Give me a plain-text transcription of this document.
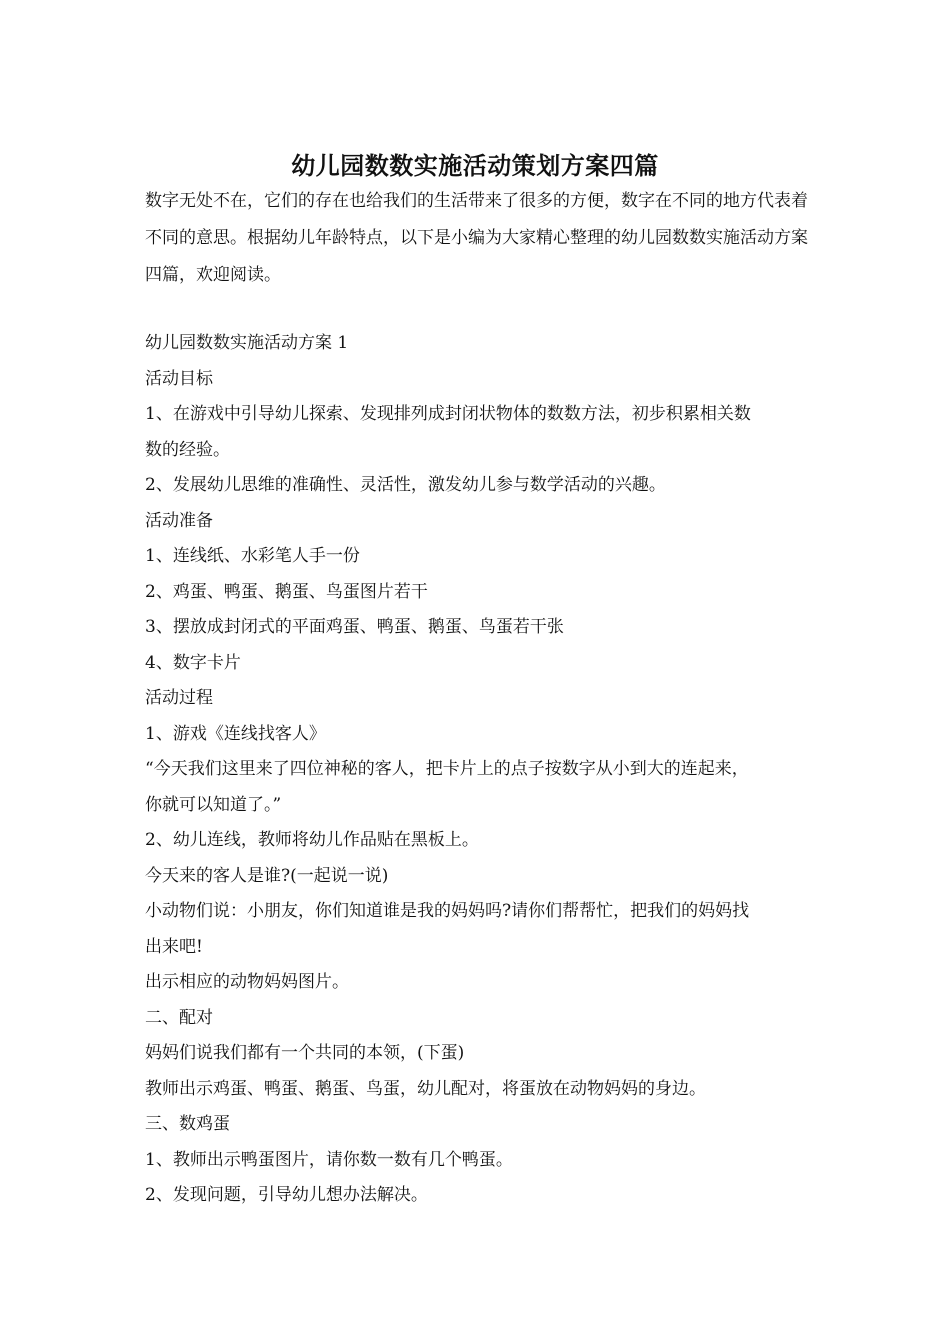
幼儿园数数实施活动策划方案四篇

数字无处不在，它们的存在也给我们的生活带来了很多的方便，数字在不同的地方代表着不同的意思。根据幼儿年龄特点，以下是小编为大家精心整理的幼儿园数数实施活动方案四篇，欢迎阅读。

幼儿园数数实施活动方案 1
活动目标
1、在游戏中引导幼儿探索、发现排列成封闭状物体的数数方法，初步积累相关数
数的经验。
2、发展幼儿思维的准确性、灵活性，激发幼儿参与数学活动的兴趣。
活动准备
1、连线纸、水彩笔人手一份
2、鸡蛋、鸭蛋、鹅蛋、鸟蛋图片若干
3、摆放成封闭式的平面鸡蛋、鸭蛋、鹅蛋、鸟蛋若干张
4、数字卡片
活动过程
1、游戏《连线找客人》
“今天我们这里来了四位神秘的客人，把卡片上的点子按数字从小到大的连起来，
你就可以知道了。”
2、幼儿连线，教师将幼儿作品贴在黑板上。
今天来的客人是谁?(一起说一说)
小动物们说：小朋友，你们知道谁是我的妈妈吗?请你们帮帮忙，把我们的妈妈找
出来吧!
出示相应的动物妈妈图片。
二、配对
妈妈们说我们都有一个共同的本领，(下蛋)
教师出示鸡蛋、鸭蛋、鹅蛋、鸟蛋，幼儿配对，将蛋放在动物妈妈的身边。
三、数鸡蛋
1、教师出示鸭蛋图片，请你数一数有几个鸭蛋。
2、发现问题，引导幼儿想办法解决。
